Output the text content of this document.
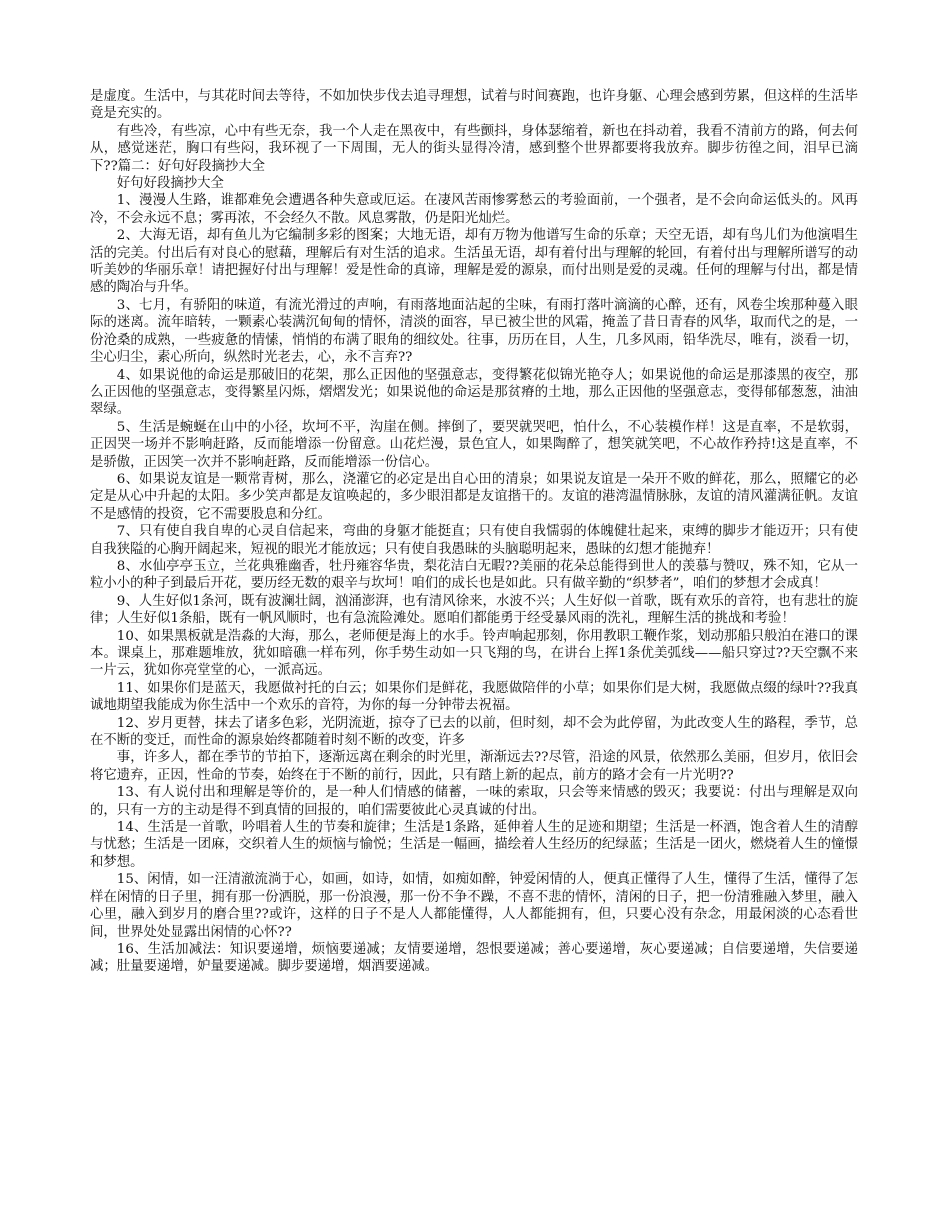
是虚度。生活中，与其花时间去等待，不如加快步伐去追寻理想，试着与时间赛跑，也许身躯、心理会感到劳累，但这样的生活毕竟是充实的。

有些冷，有些凉，心中有些无奈，我一个人走在黑夜中，有些颤抖，身体瑟缩着，新也在抖动着，我看不清前方的路，何去何从，感觉迷茫，胸口有些闷，我环视了一下周围，无人的街头显得冷清，感到整个世界都要将我放弃。脚步彷徨之间，泪早已滴下??篇二：好句好段摘抄大全

好句好段摘抄大全

1、漫漫人生路，谁都难免会遭遇各种失意或厄运。在凄风苦雨惨雾愁云的考验面前，一个强者，是不会向命运低头的。风再冷，不会永远不息；雾再浓，不会经久不散。风息雾散，仍是阳光灿烂。

2、大海无语，却有鱼儿为它编制多彩的图案；大地无语，却有万物为他谱写生命的乐章；天空无语，却有鸟儿们为他演唱生活的完美。付出后有对良心的慰藉，理解后有对生活的追求。生活虽无语，却有着付出与理解的轮回，有着付出与理解所谱写的动听美妙的华丽乐章！请把握好付出与理解！爱是性命的真谛，理解是爱的源泉，而付出则是爱的灵魂。任何的理解与付出，都是情感的陶冶与升华。

3、七月，有骄阳的味道，有流光滑过的声响，有雨落地面沾起的尘味，有雨打落叶滴滴的心醉，还有，风卷尘埃那种蔓入眼际的迷离。流年暗转，一颗素心装满沉甸甸的情怀，清淡的面容，早已被尘世的风霜，掩盖了昔日青春的风华，取而代之的是，一份沧桑的成熟，一些疲惫的情愫，悄悄的布满了眼角的细纹处。往事，历历在目，人生，几多风雨，铅华洗尽，唯有，淡看一切，尘心归尘，素心所向，纵然时光老去，心，永不言弃??

4、如果说他的命运是那破旧的花架，那么正因他的坚强意志，变得繁花似锦光艳夺人；如果说他的命运是那漆黑的夜空，那么正因他的坚强意志，变得繁星闪烁，熠熠发光；如果说他的命运是那贫瘠的土地，那么正因他的坚强意志，变得郁郁葱葱，油油翠绿。

5、生活是蜿蜒在山中的小径，坎坷不平，沟崖在侧。摔倒了，要哭就哭吧，怕什么，不心装模作样！这是直率，不是软弱，正因哭一场并不影响赶路，反而能增添一份留意。山花烂漫，景色宜人，如果陶醉了，想笑就笑吧，不心故作矜持!这是直率，不是骄傲，正因笑一次并不影响赶路，反而能增添一份信心。

6、如果说友谊是一颗常青树，那么，浇灌它的必定是出自心田的清泉；如果说友谊是一朵开不败的鲜花，那么，照耀它的必定是从心中升起的太阳。多少笑声都是友谊唤起的，多少眼泪都是友谊揩干的。友谊的港湾温情脉脉，友谊的清风灌满征帆。友谊不是感情的投资，它不需要股息和分红。

7、只有使自我自卑的心灵自信起来，弯曲的身躯才能挺直；只有使自我懦弱的体魄健壮起来，束缚的脚步才能迈开；只有使自我狭隘的心胸开阔起来，短视的眼光才能放远；只有使自我愚昧的头脑聪明起来，愚昧的幻想才能抛弃！

8、水仙亭亭玉立，兰花典雅幽香，牡丹雍容华贵，梨花洁白无暇??美丽的花朵总能得到世人的羡慕与赞叹，殊不知，它从一粒小小的种子到最后开花，要历经无数的艰辛与坎坷！咱们的成长也是如此。只有做辛勤的“织梦者”，咱们的梦想才会成真！

9、人生好似1条河，既有波澜壮阔，汹涌澎湃，也有清风徐来，水波不兴；人生好似一首歌，既有欢乐的音符，也有悲壮的旋律；人生好似1条船，既有一帆风顺时，也有急流险滩处。愿咱们都能勇于经受暴风雨的洗礼，理解生活的挑战和考验！

10、如果黑板就是浩淼的大海，那么，老师便是海上的水手。铃声响起那刻，你用教职工鞭作浆，划动那船只般泊在港口的课本。课桌上，那难题堆放，犹如暗礁一样布列，你手势生动如一只飞翔的鸟，在讲台上挥1条优美弧线——船只穿过??天空飘不来一片云，犹如你亮堂堂的心，一派高远。

11、如果你们是蓝天，我愿做衬托的白云；如果你们是鲜花，我愿做陪伴的小草；如果你们是大树，我愿做点缀的绿叶??我真诚地期望我能成为你生活中一个欢乐的音符，为你的每一分钟带去祝福。

12、岁月更替，抹去了诸多色彩，光阴流逝，掠夺了已去的以前，但时刻，却不会为此停留，为此改变人生的路程，季节，总在不断的变迁，而性命的源泉始终都随着时刻不断的改变，许多

事，许多人，都在季节的节拍下，逐渐远离在剩余的时光里，渐渐远去??尽管，沿途的风景，依然那么美丽，但岁月，依旧会将它遗弃，正因，性命的节奏，始终在于不断的前行，因此，只有踏上新的起点，前方的路才会有一片光明??

13、有人说付出和理解是等价的，是一种人们情感的储蓄，一味的索取，只会等来情感的毁灭；我要说：付出与理解是双向的，只有一方的主动是得不到真情的回报的，咱们需要彼此心灵真诚的付出。

14、生活是一首歌，吟唱着人生的节奏和旋律；生活是1条路，延伸着人生的足迹和期望；生活是一杯酒，饱含着人生的清醇与忧愁；生活是一团麻，交织着人生的烦恼与愉悦；生活是一幅画，描绘着人生经历的纪绿蓝；生活是一团火，燃烧着人生的憧憬和梦想。

15、闲情，如一汪清澈流淌于心，如画，如诗，如情，如痴如醉，钟爱闲情的人，便真正懂得了人生，懂得了生活，懂得了怎样在闲情的日子里，拥有那一份洒脱，那一份浪漫，那一份不争不躁，不喜不悲的情怀，清闲的日子，把一份清雅融入梦里，融入心里，融入到岁月的磨合里??或许，这样的日子不是人人都能懂得，人人都能拥有，但，只要心没有杂念，用最闲淡的心态看世间，世界处处显露出闲情的心怀??

16、生活加减法：知识要递增，烦恼要递减；友情要递增，怨恨要递减；善心要递增，灰心要递减；自信要递增，失信要递减；肚量要递增，妒量要递减。脚步要递增，烟酒要递减。
